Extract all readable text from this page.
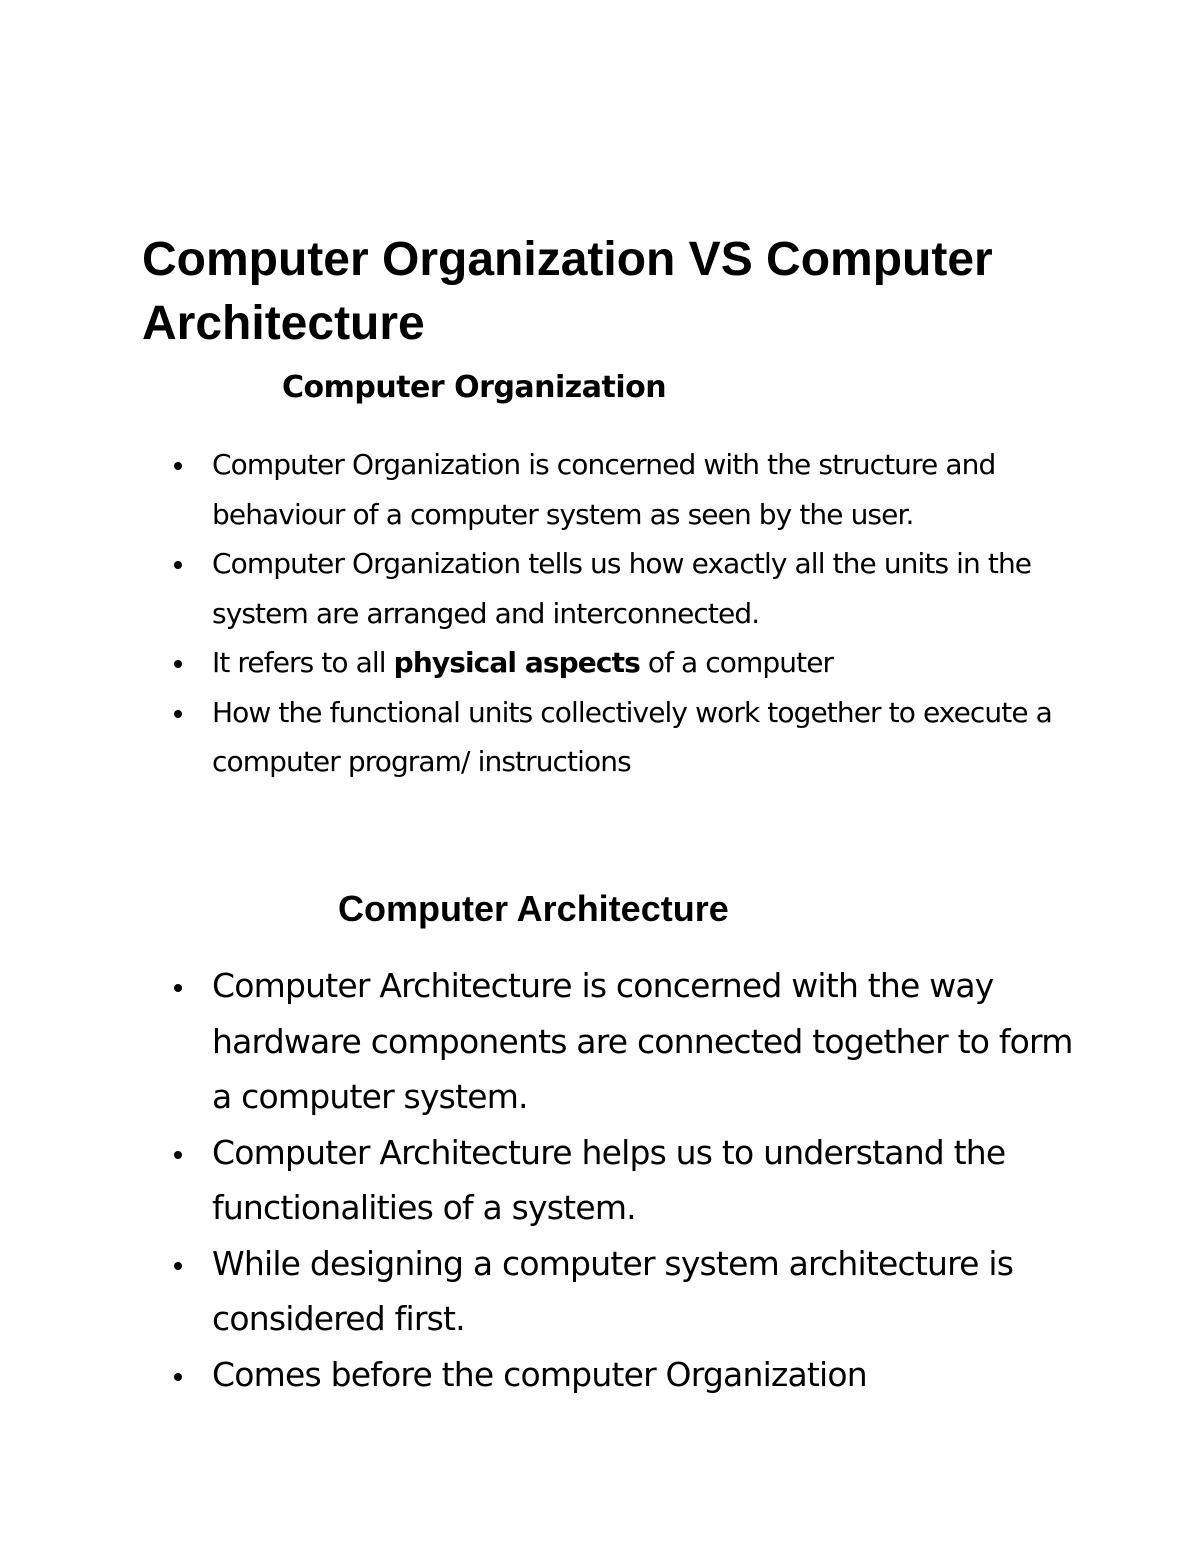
Computer Organization VS Computer Architecture
Computer Organization
Computer Organization is concerned with the structure and behaviour of a computer system as seen by the user.
Computer Organization tells us how exactly all the units in the system are arranged and interconnected.
It refers to all physical aspects of a computer
How the functional units collectively work together to execute a computer program/ instructions
Computer Architecture
Computer Architecture is concerned with the way hardware components are connected together to form a computer system.
Computer Architecture helps us to understand the functionalities of a system.
While designing a computer system architecture is considered first.
Comes before the computer Organization
